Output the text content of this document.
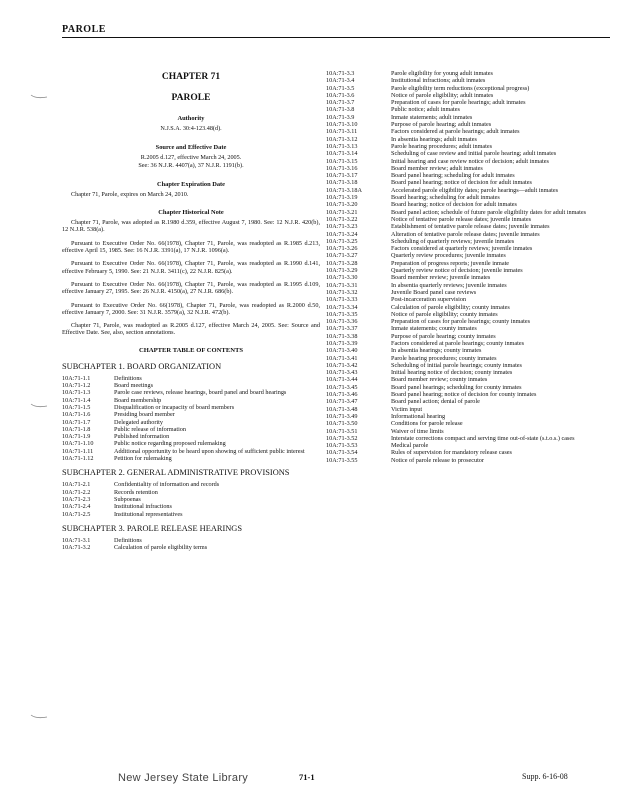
PAROLE
CHAPTER 71
PAROLE
Authority
N.J.S.A. 30:4-123.48(d).
Source and Effective Date
R.2005 d.127, effective March 24, 2005.
See: 36 N.J.R. 4407(a), 37 N.J.R. 1191(b).
Chapter Expiration Date
Chapter 71, Parole, expires on March 24, 2010.
Chapter Historical Note

Chapter 71, Parole, was adopted as R.1980 d.359, effective August 7, 1980. See: 12 N.J.R. 420(b), 12 N.J.R. 538(a).

Pursuant to Executive Order No. 66(1978), Chapter 71, Parole, was readopted as R.1985 d.213, effective April 15, 1985. See: 16 N.J.R. 3391(a), 17 N.J.R. 1096(a).

Pursuant to Executive Order No. 66(1978), Chapter 71, Parole, was readopted as R.1990 d.141, effective February 5, 1990. See: 21 N.J.R. 3411(c), 22 N.J.R. 825(a).

Pursuant to Executive Order No. 66(1978), Chapter 71, Parole, was readopted as R.1995 d.109, effective January 27, 1995. See: 26 N.J.R. 4150(a), 27 N.J.R. 686(b).

Pursuant to Executive Order No. 66(1978), Chapter 71, Parole, was readopted as R.2000 d.50, effective January 7, 2000. See: 31 N.J.R. 3579(a), 32 N.J.R. 472(b).

Chapter 71, Parole, was readopted as R.2005 d.127, effective March 24, 2005. See: Source and Effective Date. See, also, section annotations.

CHAPTER TABLE OF CONTENTS
SUBCHAPTER 1. BOARD ORGANIZATION
10A:71-1.1	Definitions
10A:71-1.2	Board meetings
10A:71-1.3	Parole case reviews, release hearings, board panel and board hearings
10A:71-1.4	Board membership
10A:71-1.5	Disqualification or incapacity of board members
10A:71-1.6	Presiding board member
10A:71-1.7	Delegated authority
10A:71-1.8	Public release of information
10A:71-1.9	Published information
10A:71-1.10	Public notice regarding proposed rulemaking
10A:71-1.11	Additional opportunity to be heard upon showing of sufficient public interest
10A:71-1.12	Petition for rulemaking
SUBCHAPTER 2. GENERAL ADMINISTRATIVE PROVISIONS
10A:71-2.1	Confidentiality of information and records
10A:71-2.2	Records retention
10A:71-2.3	Subpoenas
10A:71-2.4	Institutional infractions
10A:71-2.5	Institutional representatives
SUBCHAPTER 3. PAROLE RELEASE HEARINGS
10A:71-3.1	Definitions
10A:71-3.2	Calculation of parole eligibility terms
10A:71-3.3	Parole eligibility for young adult inmates
10A:71-3.4	Institutional infractions; adult inmates
10A:71-3.5	Parole eligibility term reductions (exceptional progress)
10A:71-3.6	Notice of parole eligibility; adult inmates
10A:71-3.7	Preparation of cases for parole hearings; adult inmates
10A:71-3.8	Public notice; adult inmates
10A:71-3.9	Inmate statements; adult inmates
10A:71-3.10	Purpose of parole hearing; adult inmates
10A:71-3.11	Factors considered at parole hearings; adult inmates
10A:71-3.12	In absentia hearings; adult inmates
10A:71-3.13	Parole hearing procedures; adult inmates
10A:71-3.14	Scheduling of case review and initial parole hearing; adult inmates
10A:71-3.15	Initial hearing and case review notice of decision; adult inmates
10A:71-3.16	Board member review; adult inmates
10A:71-3.17	Board panel hearing; scheduling for adult inmates
10A:71-3.18	Board panel hearing; notice of decision for adult inmates
10A:71-3.18A	Accelerated parole eligibility dates; parole hearings—adult inmates
10A:71-3.19	Board hearing; scheduling for adult inmates
10A:71-3.20	Board hearing; notice of decision for adult inmates
10A:71-3.21	Board panel action; schedule of future parole eligibility dates for adult inmates
10A:71-3.22	Notice of tentative parole release dates; juvenile inmates
10A:71-3.23	Establishment of tentative parole release dates; juvenile inmates
10A:71-3.24	Alteration of tentative parole release dates; juvenile inmates
10A:71-3.25	Scheduling of quarterly reviews; juvenile inmates
10A:71-3.26	Factors considered at quarterly reviews; juvenile inmates
10A:71-3.27	Quarterly review procedures; juvenile inmates
10A:71-3.28	Preparation of progress reports; juvenile inmate
10A:71-3.29	Quarterly review notice of decision; juvenile inmates
10A:71-3.30	Board member review; juvenile inmates
10A:71-3.31	In absentia quarterly reviews; juvenile inmates
10A:71-3.32	Juvenile Board panel case reviews
10A:71-3.33	Post-incarceration supervision
10A:71-3.34	Calculation of parole eligibility; county inmates
10A:71-3.35	Notice of parole eligibility; county inmates
10A:71-3.36	Preparation of cases for parole hearings; county inmates
10A:71-3.37	Inmate statements; county inmates
10A:71-3.38	Purpose of parole hearing; county inmates
10A:71-3.39	Factors considered at parole hearings; county inmates
10A:71-3.40	In absentia hearings; county inmates
10A:71-3.41	Parole hearing procedures; county inmates
10A:71-3.42	Scheduling of initial parole hearings; county inmates
10A:71-3.43	Initial hearing notice of decision; county inmates
10A:71-3.44	Board member review; county inmates
10A:71-3.45	Board panel hearings; scheduling for county inmates
10A:71-3.46	Board panel hearing; notice of decision for county inmates
10A:71-3.47	Board panel action; denial of parole
10A:71-3.48	Victim input
10A:71-3.49	Informational hearing
10A:71-3.50	Conditions for parole release
10A:71-3.51	Waiver of time limits
10A:71-3.52	Interstate corrections compact and serving time out-of-state (s.t.o.s.) cases
10A:71-3.53	Medical parole
10A:71-3.54	Rules of supervision for mandatory release cases
10A:71-3.55	Notice of parole release to prosecutor
New Jersey State Library	71-1	Supp. 6-16-08
